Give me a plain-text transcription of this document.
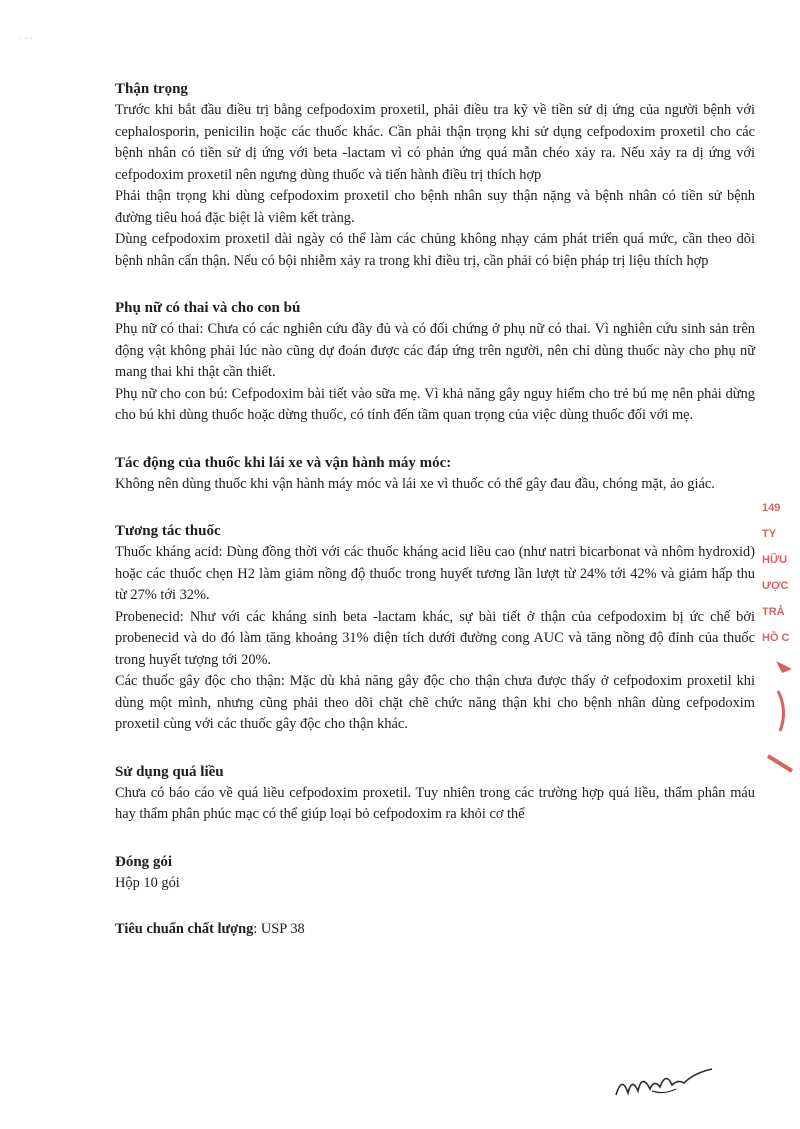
· · ·

Thận trọng

Trước khi bắt đầu điều trị bằng cefpodoxim proxetil, phải điều tra kỹ về tiền sử dị ứng của người bệnh với cephalosporin, penicilin hoặc các thuốc khác. Cần phải thận trọng khi sử dụng cefpodoxim proxetil cho các bệnh nhân có tiền sử dị ứng với beta -lactam vì có phản ứng quá mẫn chéo xảy ra. Nếu xảy ra dị ứng với cefpodoxim proxetil nên ngưng dùng thuốc và tiến hành điều trị thích hợp

Phải thận trọng khi dùng cefpodoxim proxetil cho bệnh nhân suy thận nặng và bệnh nhân có tiền sử bệnh đường tiêu hoá đặc biệt là viêm kết tràng.

Dùng cefpodoxim proxetil dài ngày có thể làm các chủng không nhạy cảm phát triển quá mức, cần theo dõi bệnh nhân cẩn thận. Nếu có bội nhiễm xảy ra trong khi điều trị, cần phải có biện pháp trị liệu thích hợp

Phụ nữ có thai và cho con bú

Phụ nữ có thai: Chưa có các nghiên cứu đầy đủ và có đối chứng ở phụ nữ có thai. Vì nghiên cứu sinh sản trên động vật không phải lúc nào cũng dự đoán được các đáp ứng trên người, nên chỉ dùng thuốc này cho phụ nữ mang thai khi thật cần thiết.

Phụ nữ cho con bú: Cefpodoxim bài tiết vào sữa mẹ. Vì khả năng gây nguy hiểm cho trẻ bú mẹ nên phải dừng cho bú khi dùng thuốc hoặc dừng thuốc, có tính đến tầm quan trọng của việc dùng thuốc đối với mẹ.

Tác động của thuốc khi lái xe và vận hành máy móc:

Không nên dùng thuốc khi vận hành máy móc và lái xe vì thuốc có thể gây đau đầu, chóng mặt, ảo giác.

Tương tác thuốc

Thuốc kháng acid: Dùng đồng thời với các thuốc kháng acid liều cao (như natri bicarbonat và nhôm hydroxid) hoặc các thuốc chẹn H2 làm giảm nồng độ thuốc trong huyết tương lần lượt từ 24% tới 42% và giảm hấp thu từ 27% tới 32%.

Probenecid: Như với các kháng sinh beta -lactam khác, sự bài tiết ở thận của cefpodoxim bị ức chế bởi probenecid và do đó làm tăng khoảng 31% diện tích dưới đường cong AUC và tăng nồng độ đỉnh của thuốc trong huyết tượng tới 20%.

Các thuốc gây độc cho thận: Mặc dù khả năng gây độc cho thận chưa được thấy ở cefpodoxim proxetil khi dùng một mình, nhưng cũng phải theo dõi chặt chẽ chức năng thận khi cho bệnh nhân dùng cefpodoxim proxetil cùng với các thuốc gây độc cho thận khác.

Sử dụng quá liều

Chưa có báo cáo về quá liều cefpodoxim proxetil. Tuy nhiên trong các trường hợp quá liều, thẩm phân máu hay thẩm phân phúc mạc có thể giúp loại bỏ cefpodoxim ra khỏi cơ thể

Đóng gói

Hộp 10 gói

Tiêu chuẩn chất lượng: USP 38

149
TY
HỮU
ƯỢC
TRẢ
HỒ C
